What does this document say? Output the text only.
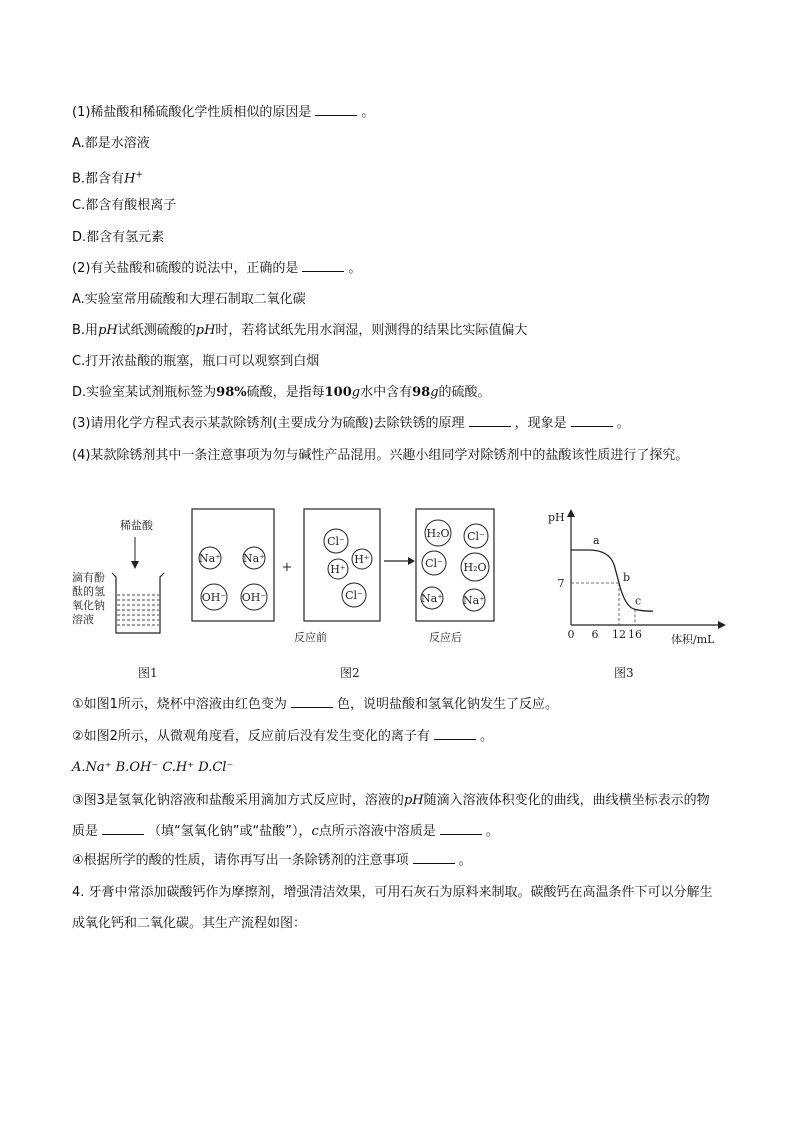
(1)稀盐酸和稀硫酸化学性质相似的原因是	。
A.都是水溶液
B.都含有H+
C.都含有酸根离子
D.都含有氢元素
(2)有关盐酸和硫酸的说法中，正确的是	。
A.实验室常用硫酸和大理石制取二氧化碳
B.用pH试纸测硫酸的pH时，若将试纸先用水润湿，则测得的结果比实际值偏大
C.打开浓盐酸的瓶塞，瓶口可以观察到白烟
D.实验室某试剂瓶标签为98%硫酸，是指每100g水中含有98g的硫酸。
(3)请用化学方程式表示某款除锈剂(主要成分为硫酸)去除铁锈的原理	，现象是	。
(4)某款除锈剂其中一条注意事项为勿与碱性产品混用。兴趣小组同学对除锈剂中的盐酸该性质进行了探究。
稀盐酸
滴有酚
酞的氢
氧化钠
溶液
图1
Na⁺ Na⁺
OH⁻ OH⁻
+
Cl⁻
H⁺
H⁺
Cl⁻
H₂O Cl⁻
Cl⁻ H₂O
Na⁺ Na⁺
反应前	反应后
图2
pH
体积/mL
0 6 12 16
7
a
b
c
图3
①如图1所示，烧杯中溶液由红色变为	色，说明盐酸和氢氧化钠发生了反应。
②如图2所示，从微观角度看，反应前后没有发生变化的离子有	。
A.Na⁺ B.OH⁻ C.H⁺ D.Cl⁻
③图3是氢氧化钠溶液和盐酸采用滴加方式反应时，溶液的pH随滴入溶液体积变化的曲线，曲线横坐标表示的物质是	（填“氢氧化钠”或“盐酸”），c点所示溶液中溶质是	。
④根据所学的酸的性质，请你再写出一条除锈剂的注意事项	。
4. 牙膏中常添加碳酸钙作为摩擦剂，增强清洁效果，可用石灰石为原料来制取。碳酸钙在高温条件下可以分解生成氧化钙和二氧化碳。其生产流程如图：
